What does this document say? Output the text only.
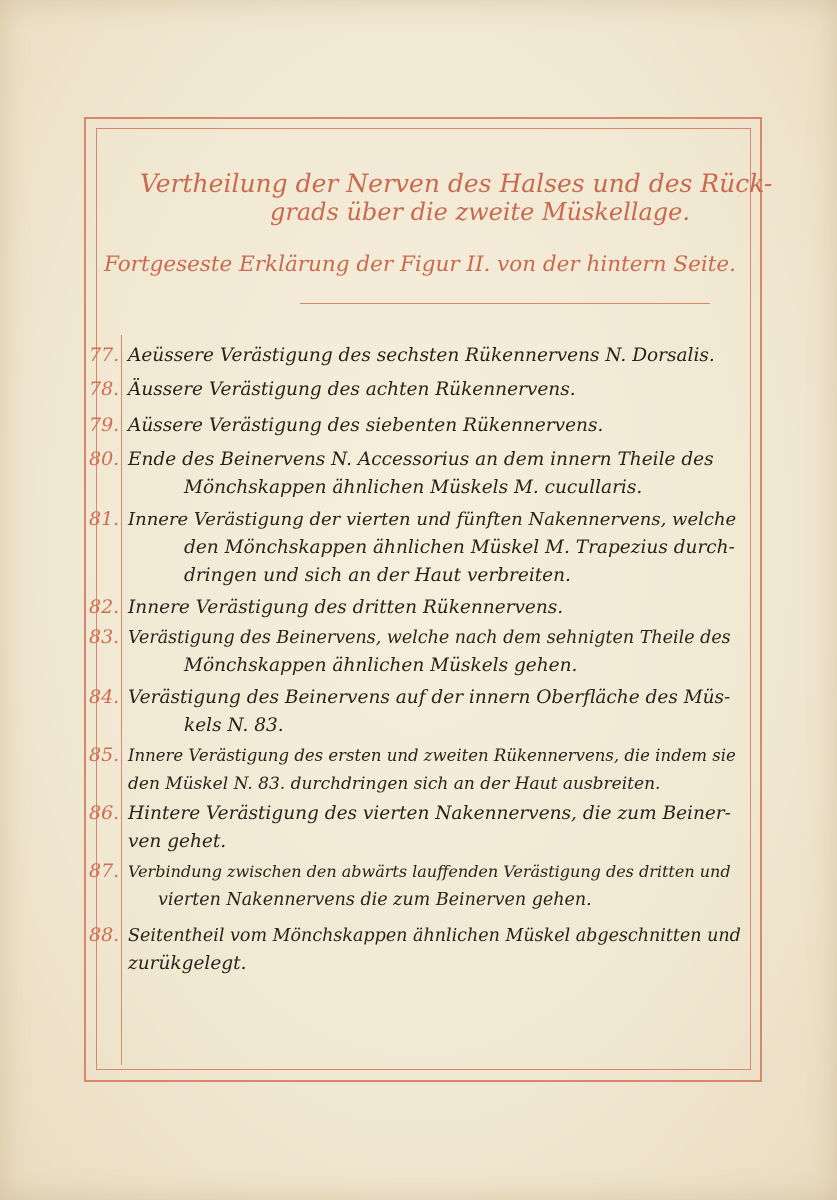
Vertheilung der Nerven des Halses und des Rück-
grads über die zweite Müskellage.
Fortgeseste Erklärung der Figur II. von der hintern Seite.
77. Aeüssere Verästigung des sechsten Rükennervens N. Dorsalis.
78. Äussere Verästigung des achten Rükennervens.
79. Aüssere Verästigung des siebenten Rükennervens.
80. Ende des Beinervens N. Accessorius an dem innern Theile des
Mönchskappen ähnlichen Müskels M. cucullaris.
81. Innere Verästigung der vierten und fünften Nakennervens, welche
den Mönchskappen ähnlichen Müskel M. Trapezius durch-
dringen und sich an der Haut verbreiten.
82. Innere Verästigung des dritten Rükennervens.
83. Verästigung des Beinervens, welche nach dem sehnigten Theile des
Mönchskappen ähnlichen Müskels gehen.
84. Verästigung des Beinervens auf der innern Oberfläche des Müs-
kels N. 83.
85. Innere Verästigung des ersten und zweiten Rükennervens, die indem sie
den Müskel N. 83. durchdringen sich an der Haut ausbreiten.
86. Hintere Verästigung des vierten Nakennervens, die zum Beiner-
ven gehet.
87. Verbindung zwischen den abwärts lauffenden Verästigung des dritten und
vierten Nakennervens die zum Beinerven gehen.
88. Seitentheil vom Mönchskappen ähnlichen Müskel abgeschnitten und
zurükgelegt.
